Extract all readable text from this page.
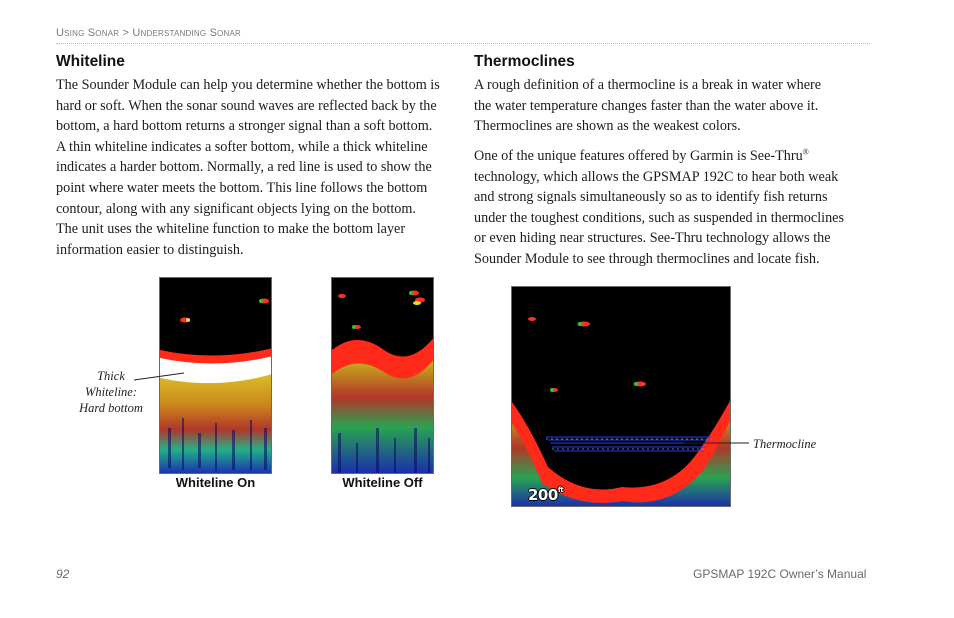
Using Sonar > Understanding Sonar
Whiteline
The Sounder Module can help you determine whether the bottom is
hard or soft. When the sonar sound waves are reflected back by the
bottom, a hard bottom returns a stronger signal than a soft bottom.
A thin whiteline indicates a softer bottom, while a thick whiteline
indicates a harder bottom. Normally, a red line is used to show the
point where water meets the bottom. This line follows the bottom
contour, along with any significant objects lying on the bottom.
The unit uses the whiteline function to make the bottom layer
information easier to distinguish.
Whiteline On
Thick
Whiteline:
Hard bottom
Whiteline Off
Thermoclines
A rough definition of a thermocline is a break in water where
the water temperature changes faster than the water above it.
Thermoclines are shown as the weakest colors.
One of the unique features offered by Garmin is See-Thru®
technology, which allows the GPSMAP 192C to hear both weak
and strong signals simultaneously so as to identify fish returns
under the toughest conditions, such as suspended in thermoclines
or even hiding near structures. See-Thru technology allows the
Sounder Module to see through thermoclines and locate fish.
$200^{ft}$
Thermocline
92	GPSMAP 192C Owner’s Manual
